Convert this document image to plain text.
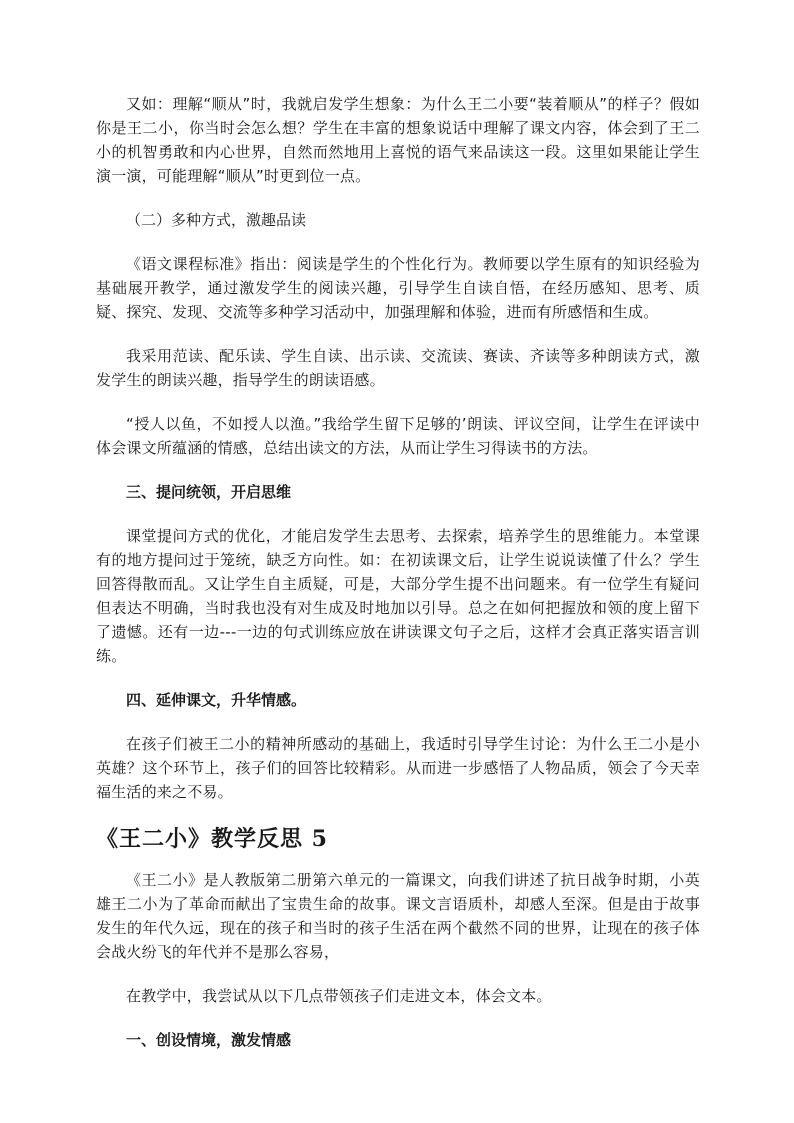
又如：理解“顺从”时，我就启发学生想象：为什么王二小要“装着顺从”的样子？假如你是王二小，你当时会怎么想？学生在丰富的想象说话中理解了课文内容，体会到了王二小的机智勇敢和内心世界，自然而然地用上喜悦的语气来品读这一段。这里如果能让学生演一演，可能理解“顺从”时更到位一点。

（二）多种方式，激趣品读

《语文课程标准》指出：阅读是学生的个性化行为。教师要以学生原有的知识经验为基础展开教学，通过激发学生的阅读兴趣，引导学生自读自悟，在经历感知、思考、质疑、探究、发现、交流等多种学习活动中，加强理解和体验，进而有所感悟和生成。

我采用范读、配乐读、学生自读、出示读、交流读、赛读、齐读等多种朗读方式，激发学生的朗读兴趣，指导学生的朗读语感。

“授人以鱼，不如授人以渔。”我给学生留下足够的’朗读、评议空间，让学生在评读中体会课文所蕴涵的情感，总结出读文的方法，从而让学生习得读书的方法。

三、提问统领，开启思维

课堂提问方式的优化，才能启发学生去思考、去探索，培养学生的思维能力。本堂课有的地方提问过于笼统，缺乏方向性。如：在初读课文后，让学生说说读懂了什么？学生回答得散而乱。又让学生自主质疑，可是，大部分学生提不出问题来。有一位学生有疑问但表达不明确，当时我也没有对生成及时地加以引导。总之在如何把握放和领的度上留下了遗憾。还有一边---一边的句式训练应放在讲读课文句子之后，这样才会真正落实语言训练。

四、延伸课文，升华情感。

在孩子们被王二小的精神所感动的基础上，我适时引导学生讨论：为什么王二小是小英雄？这个环节上，孩子们的回答比较精彩。从而进一步感悟了人物品质，领会了今天幸福生活的来之不易。

《王二小》教学反思 5

《王二小》是人教版第二册第六单元的一篇课文，向我们讲述了抗日战争时期，小英雄王二小为了革命而献出了宝贵生命的故事。课文言语质朴，却感人至深。但是由于故事发生的年代久远，现在的孩子和当时的孩子生活在两个截然不同的世界，让现在的孩子体会战火纷飞的年代并不是那么容易，

在教学中，我尝试从以下几点带领孩子们走进文本，体会文本。

一、创设情境，激发情感
